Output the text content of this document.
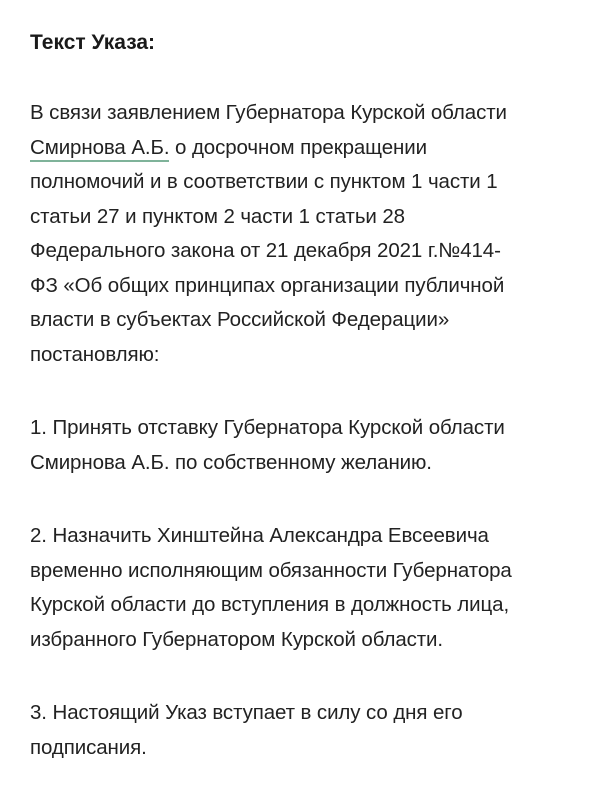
Текст Указа:
В связи заявлением Губернатора Курской области
Смирнова А.Б. о досрочном прекращении
полномочий и в соответствии с пунктом 1 части 1
статьи 27 и пунктом 2 части 1 статьи 28
Федерального закона от 21 декабря 2021 г.№414-
ФЗ «Об общих принципах организации публичной
власти в субъектах Российской Федерации»
постановляю:
1. Принять отставку Губернатора Курской области
Смирнова А.Б. по собственному желанию.
2. Назначить Хинштейна Александра Евсеевича
временно исполняющим обязанности Губернатора
Курской области до вступления в должность лица,
избранного Губернатором Курской области.
3. Настоящий Указ вступает в силу со дня его
подписания.
